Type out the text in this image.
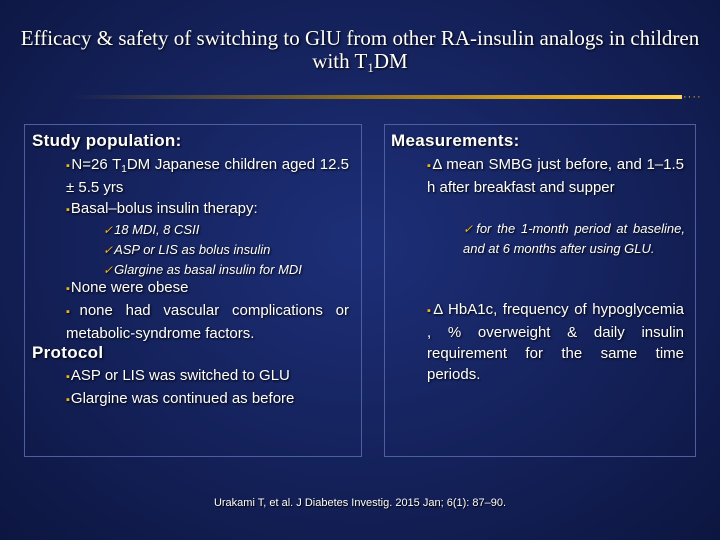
Efficacy & safety of switching to GlU from other RA-insulin analogs in children with T1DM
····
Study population:
▪N=26 $T_1DM$ Japanese children aged 12.5 ± 5.5 yrs
▪Basal–bolus insulin therapy:
✓18 MDI, 8 CSII
✓ASP or LIS as bolus insulin
✓Glargine as basal insulin for MDI
▪None were obese
▪none had vascular complications or metabolic-syndrome factors.
Protocol
▪ASP or LIS was switched to GLU
▪Glargine was continued as before
Measurements:
▪Δ mean SMBG just before, and 1–1.5 h after breakfast and supper
✓for the 1-month period at baseline, and at 6 months after using GLU.
▪Δ HbA1c, frequency of hypoglycemia , % overweight & daily insulin requirement for the same time periods.
Urakami T, et al. J Diabetes Investig. 2015 Jan; 6(1): 87–90.
